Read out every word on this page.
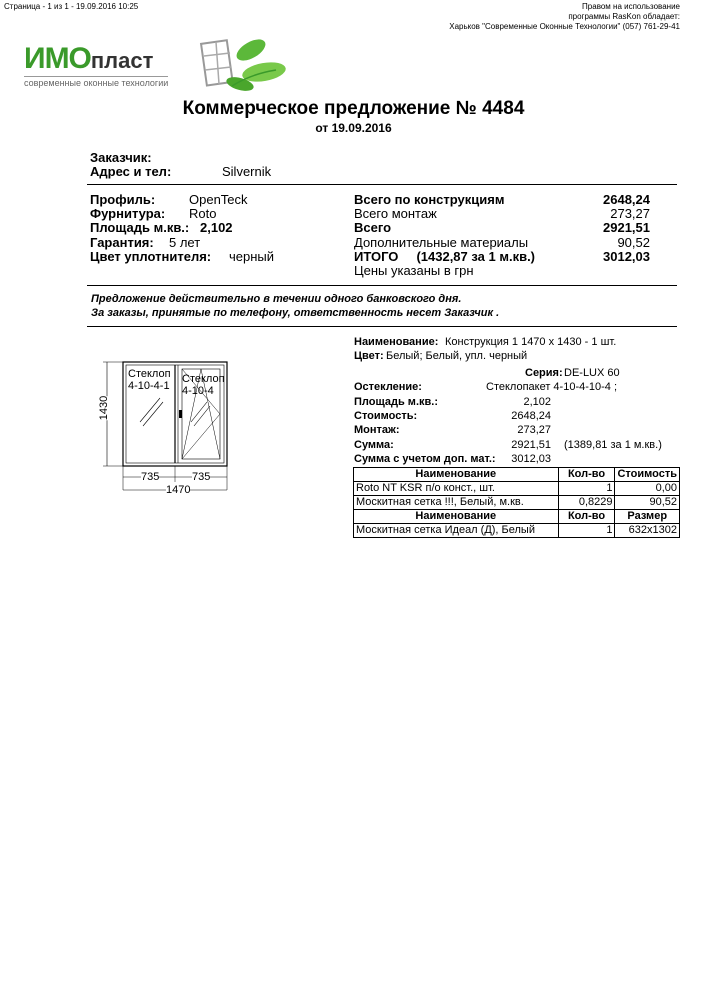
Страница - 1 из 1 - 19.09.2016 10:25	Правом на использование
программы RasKon обладает:
Харьков "Современные Оконные Технологии" (057) 761-29-41
ИМОпласт
современные оконные технологии
Коммерческое предложение № 4484
от 19.09.2016
Заказчик:
Адрес и тел:	Silvernik
Профиль:	OpenTeck
Фурнитура: Roto
Площадь м.кв.: 2,102
Гарантия: 5 лет
Цвет уплотнителя: черный
Всего по конструкциям	2648,24
Всего монтаж	273,27
Всего	2921,51
Дополнительные материалы	90,52
ИТОГО     (1432,87 за 1 м.кв.)	3012,03
Цены указаны в грн
Предложение действительно в течении одного банковского дня.
За заказы, принятые по телефону, ответственность несет Заказчик .
Стеклоп
4-10-4-1
Стеклоп
4-10-4
1430
735	735
1470
Наименование: Конструкция 1 1470 х 1430 - 1 шт.
Цвет: Белый; Белый, упл. черный
Серия: DE-LUX 60
Остекление:	Стеклопакет 4-10-4-10-4 ;
Площадь м.кв.:	2,102
Стоимость:	2648,24
Монтаж:	273,27
Сумма:	2921,51 (1389,81 за 1 м.кв.)
Сумма с учетом доп. мат.: 3012,03
Наименование	Кол-во	Стоимость
Roto NT KSR п/о конст., шт.	1	0,00
Москитная сетка !!!, Белый, м.кв.	0,8229	90,52
Наименование	Кол-во	Размер
Москитная сетка Идеал (Д), Белый	1	632x1302
